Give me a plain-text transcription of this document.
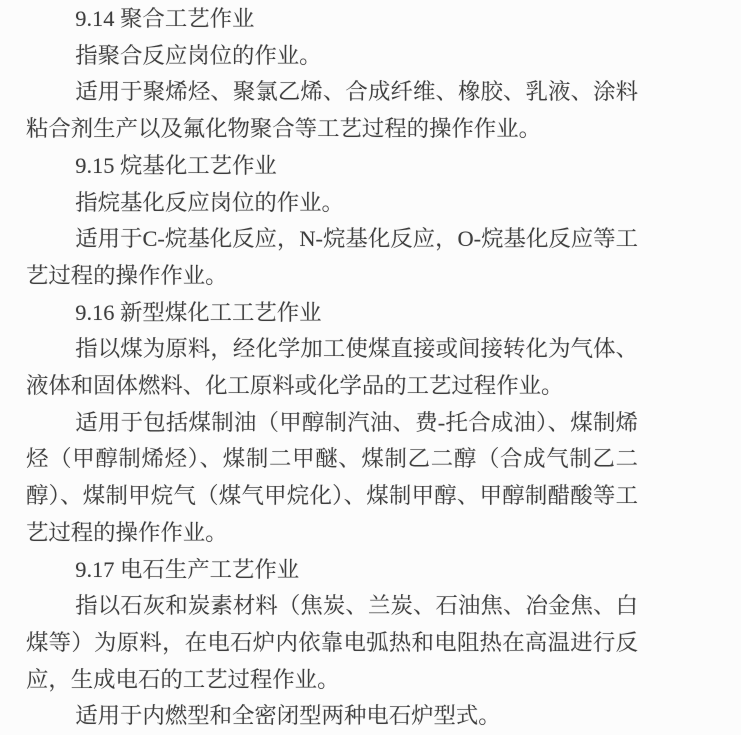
9.14 聚合工艺作业

指聚合反应岗位的作业。

适用于聚烯烃、聚氯乙烯、合成纤维、橡胶、乳液、涂料粘合剂生产以及氟化物聚合等工艺过程的操作作业。

9.15 烷基化工艺作业

指烷基化反应岗位的作业。

适用于C-烷基化反应，N-烷基化反应，O-烷基化反应等工艺过程的操作作业。

9.16 新型煤化工工艺作业

指以煤为原料，经化学加工使煤直接或间接转化为气体、液体和固体燃料、化工原料或化学品的工艺过程作业。

适用于包括煤制油（甲醇制汽油、费-托合成油）、煤制烯烃（甲醇制烯烃）、煤制二甲醚、煤制乙二醇（合成气制乙二醇）、煤制甲烷气（煤气甲烷化）、煤制甲醇、甲醇制醋酸等工艺过程的操作作业。

9.17 电石生产工艺作业

指以石灰和炭素材料（焦炭、兰炭、石油焦、冶金焦、白煤等）为原料，在电石炉内依靠电弧热和电阻热在高温进行反应，生成电石的工艺过程作业。

适用于内燃型和全密闭型两种电石炉型式。
